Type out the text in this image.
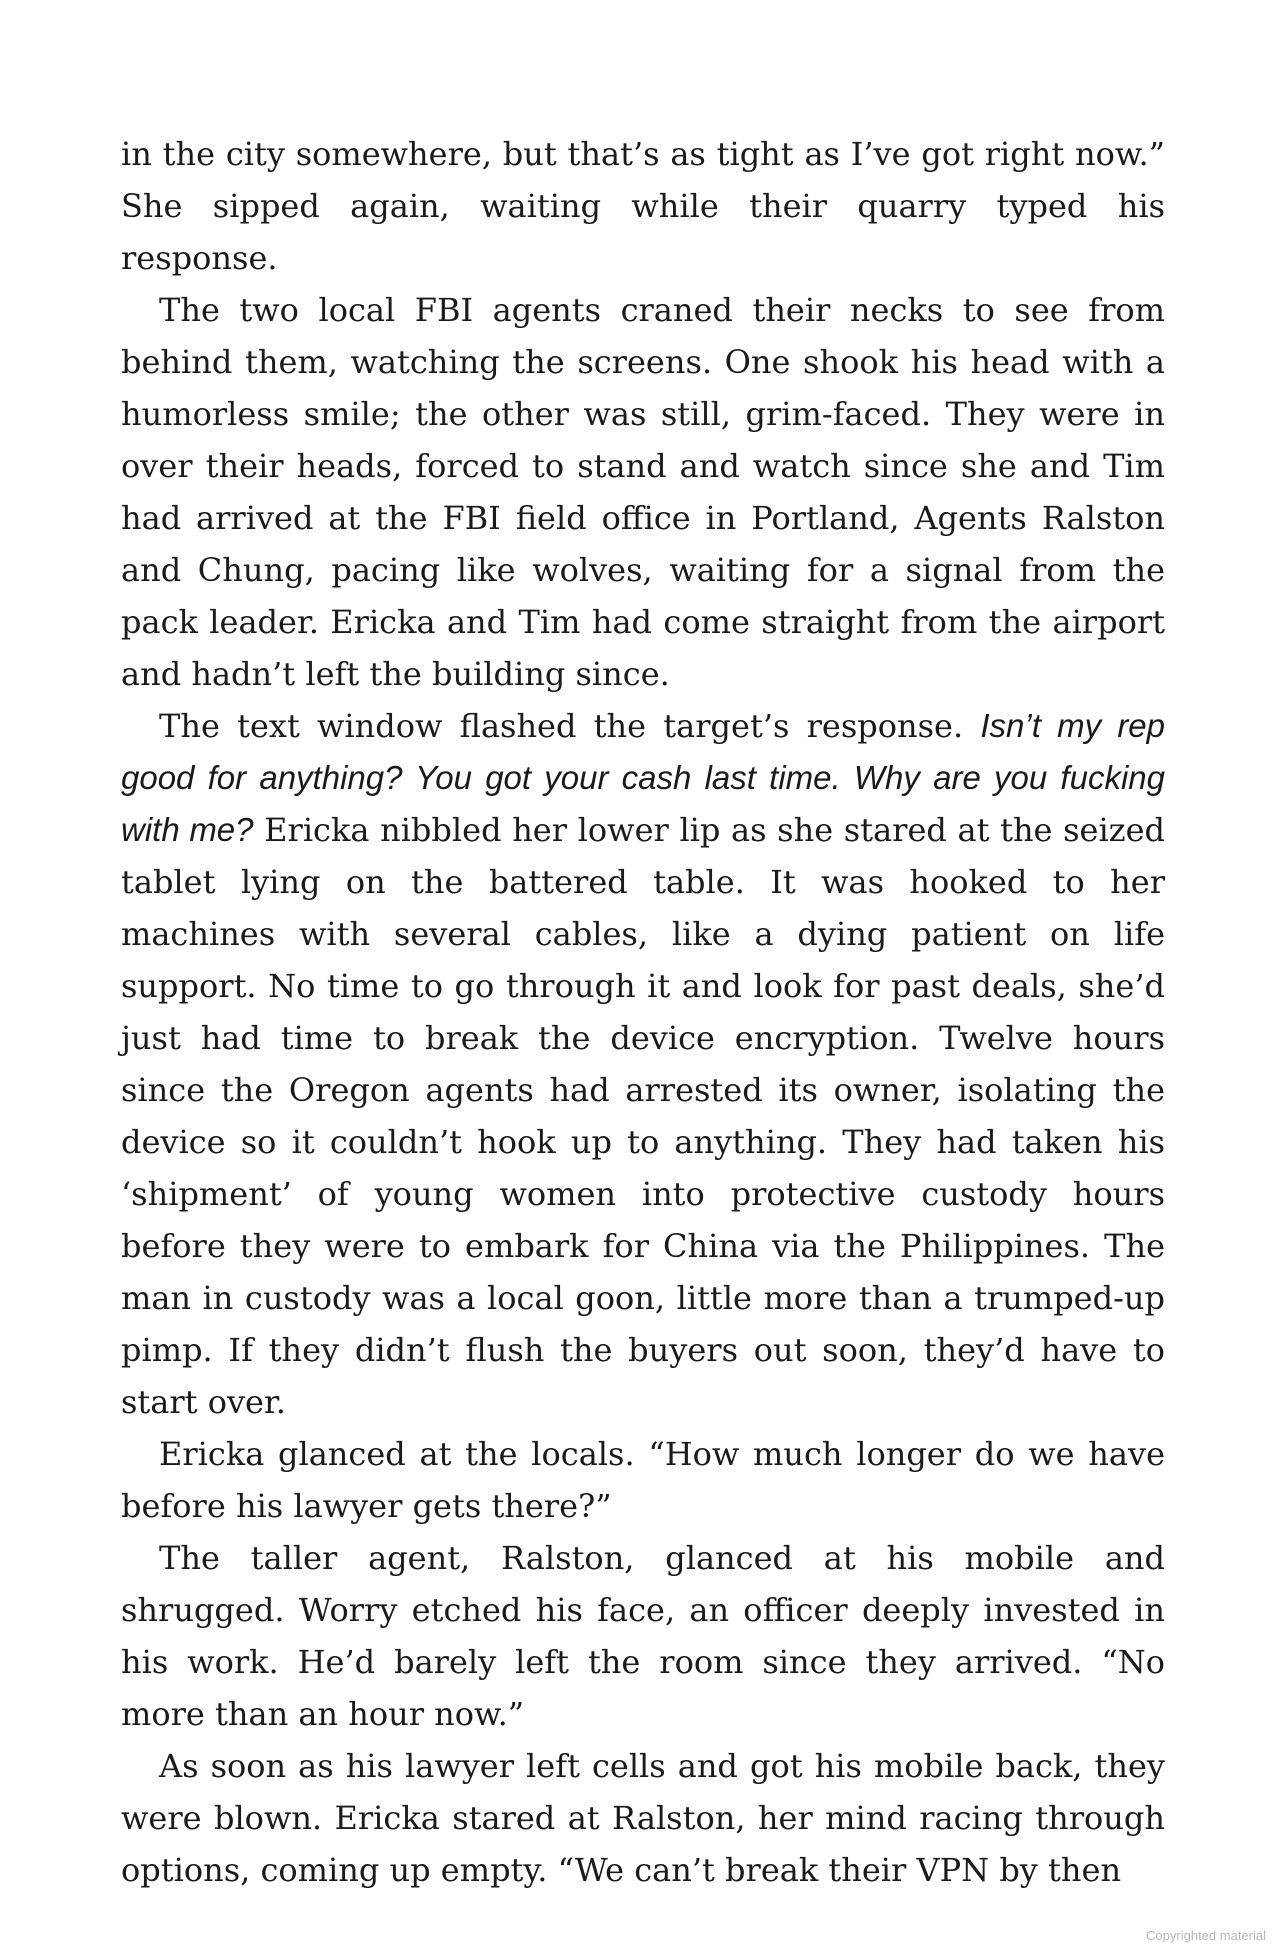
in the city somewhere, but that’s as tight as I’ve got right now.” She sipped again, waiting while their quarry typed his response.

The two local FBI agents craned their necks to see from behind them, watching the screens. One shook his head with a humorless smile; the other was still, grim-faced. They were in over their heads, forced to stand and watch since she and Tim had arrived at the FBI field office in Portland, Agents Ralston and Chung, pacing like wolves, waiting for a signal from the pack leader. Ericka and Tim had come straight from the airport and hadn’t left the building since.

The text window flashed the target’s response. Isn’t my rep good for anything? You got your cash last time. Why are you fucking with me? Ericka nibbled her lower lip as she stared at the seized tablet lying on the battered table. It was hooked to her machines with several cables, like a dying patient on life support. No time to go through it and look for past deals, she’d just had time to break the device encryption. Twelve hours since the Oregon agents had arrested its owner, isolating the device so it couldn’t hook up to anything. They had taken his ‘shipment’ of young women into protective custody hours before they were to embark for China via the Philippines. The man in custody was a local goon, little more than a trumped-up pimp. If they didn’t flush the buyers out soon, they’d have to start over.

Ericka glanced at the locals. “How much longer do we have before his lawyer gets there?”

The taller agent, Ralston, glanced at his mobile and shrugged. Worry etched his face, an officer deeply invested in his work. He’d barely left the room since they arrived. “No more than an hour now.”

As soon as his lawyer left cells and got his mobile back, they were blown. Ericka stared at Ralston, her mind racing through options, coming up empty. “We can’t break their VPN by then

Copyrighted material
